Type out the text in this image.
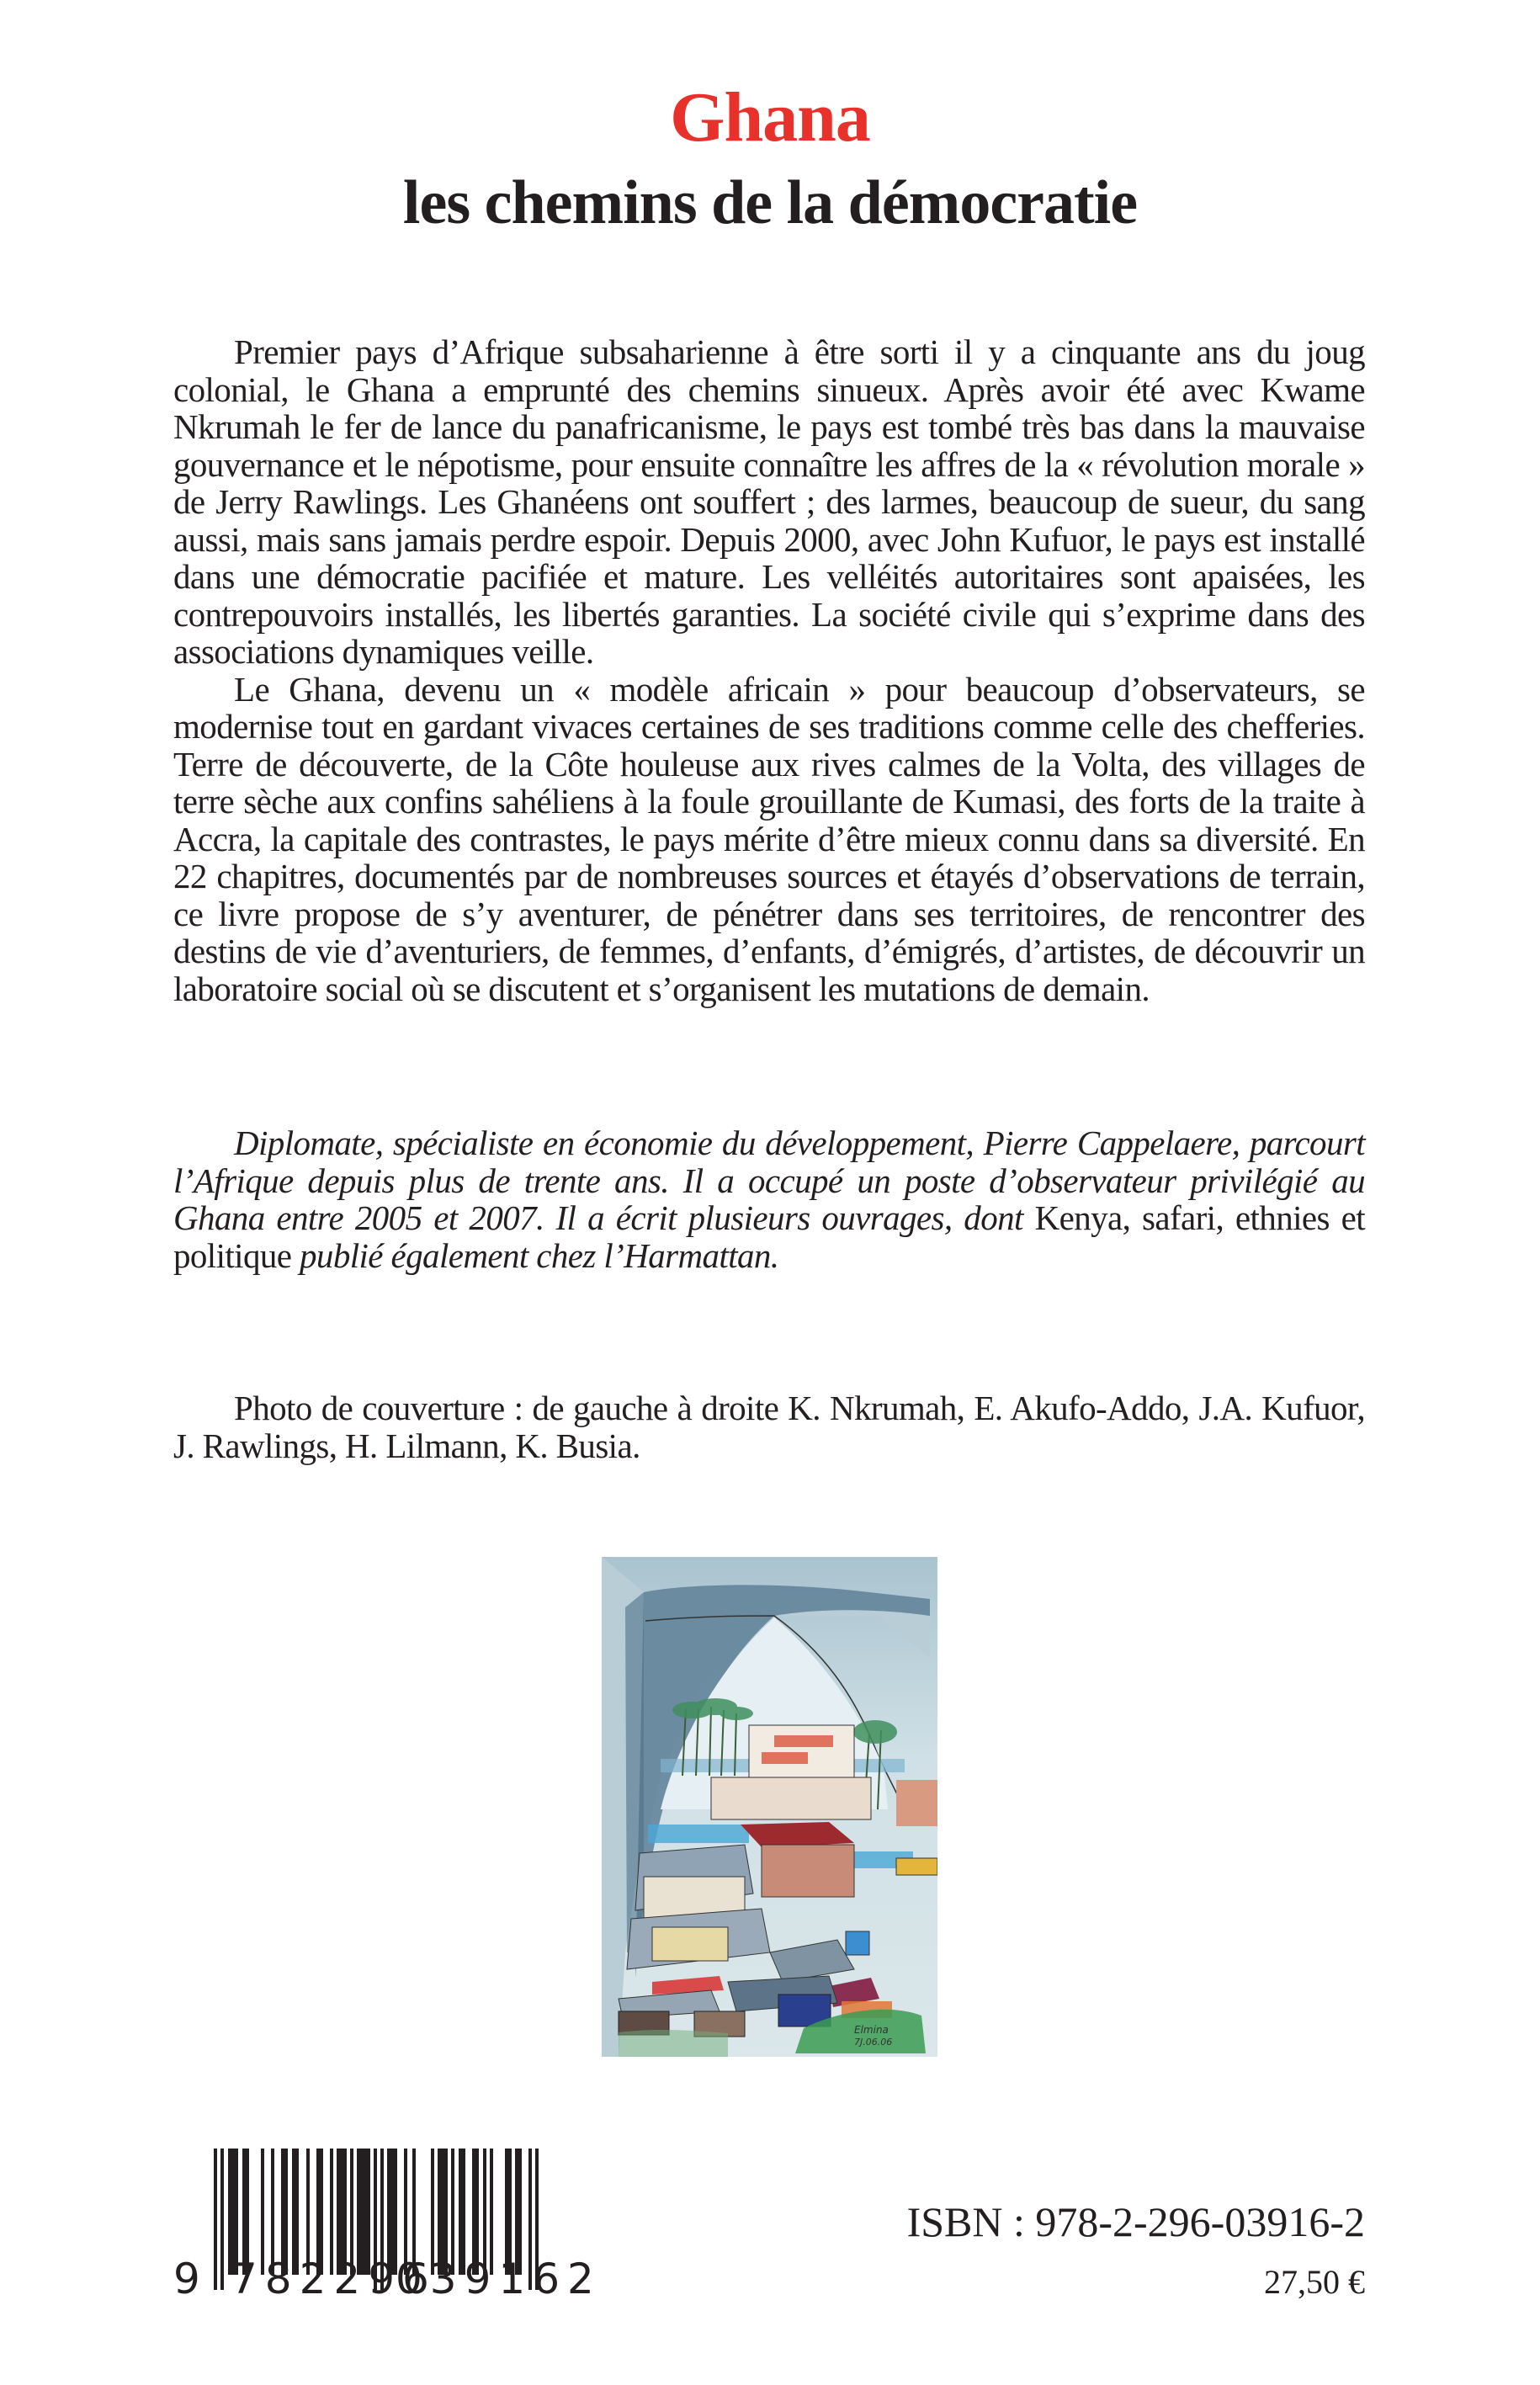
Ghana
les chemins de la démocratie

Premier pays d’Afrique subsaharienne à être sorti il y a cinquante ans du joug colonial, le Ghana a emprunté des chemins sinueux. Après avoir été avec Kwame Nkrumah le fer de lance du panafricanisme, le pays est tombé très bas dans la mauvaise gouvernance et le népotisme, pour ensuite connaître les affres de la « révolution morale » de Jerry Rawlings. Les Ghanéens ont souffert ; des larmes, beaucoup de sueur, du sang aussi, mais sans jamais perdre espoir. Depuis 2000, avec John Kufuor, le pays est installé dans une démocratie pacifiée et mature. Les velléités autoritaires sont apaisées, les contrepouvoirs installés, les libertés garanties. La société civile qui s’exprime dans des associations dynamiques veille.

Le Ghana, devenu un « modèle africain » pour beaucoup d’observateurs, se modernise tout en gardant vivaces certaines de ses traditions comme celle des chefferies. Terre de découverte, de la Côte houleuse aux rives calmes de la Volta, des villages de terre sèche aux confins sahéliens à la foule grouillante de Kumasi, des forts de la traite à Accra, la capitale des contrastes, le pays mérite d’être mieux connu dans sa diversité. En 22 chapitres, documentés par de nombreuses sources et étayés d’observations de terrain, ce livre propose de s’y aventurer, de pénétrer dans ses territoires, de rencontrer des destins de vie d’aventuriers, de femmes, d’enfants, d’émigrés, d’artistes, de découvrir un laboratoire social où se discutent et s’organisent les mutations de demain.

Diplomate, spécialiste en économie du développement, Pierre Cappelaere, parcourt l’Afrique depuis plus de trente ans. Il a occupé un poste d’observateur privilégié au Ghana entre 2005 et 2007. Il a écrit plusieurs ouvrages, dont Kenya, safari, ethnies et politique publié également chez l’Harmattan.

Photo de couverture : de gauche à droite K. Nkrumah, E. Akufo-Addo, J.A. Kufuor, J. Rawlings, H. Lilmann, K. Busia.

Elmina
7J.06.06
9 782296
039162
ISBN : 978-2-296-03916-2
27,50 €
